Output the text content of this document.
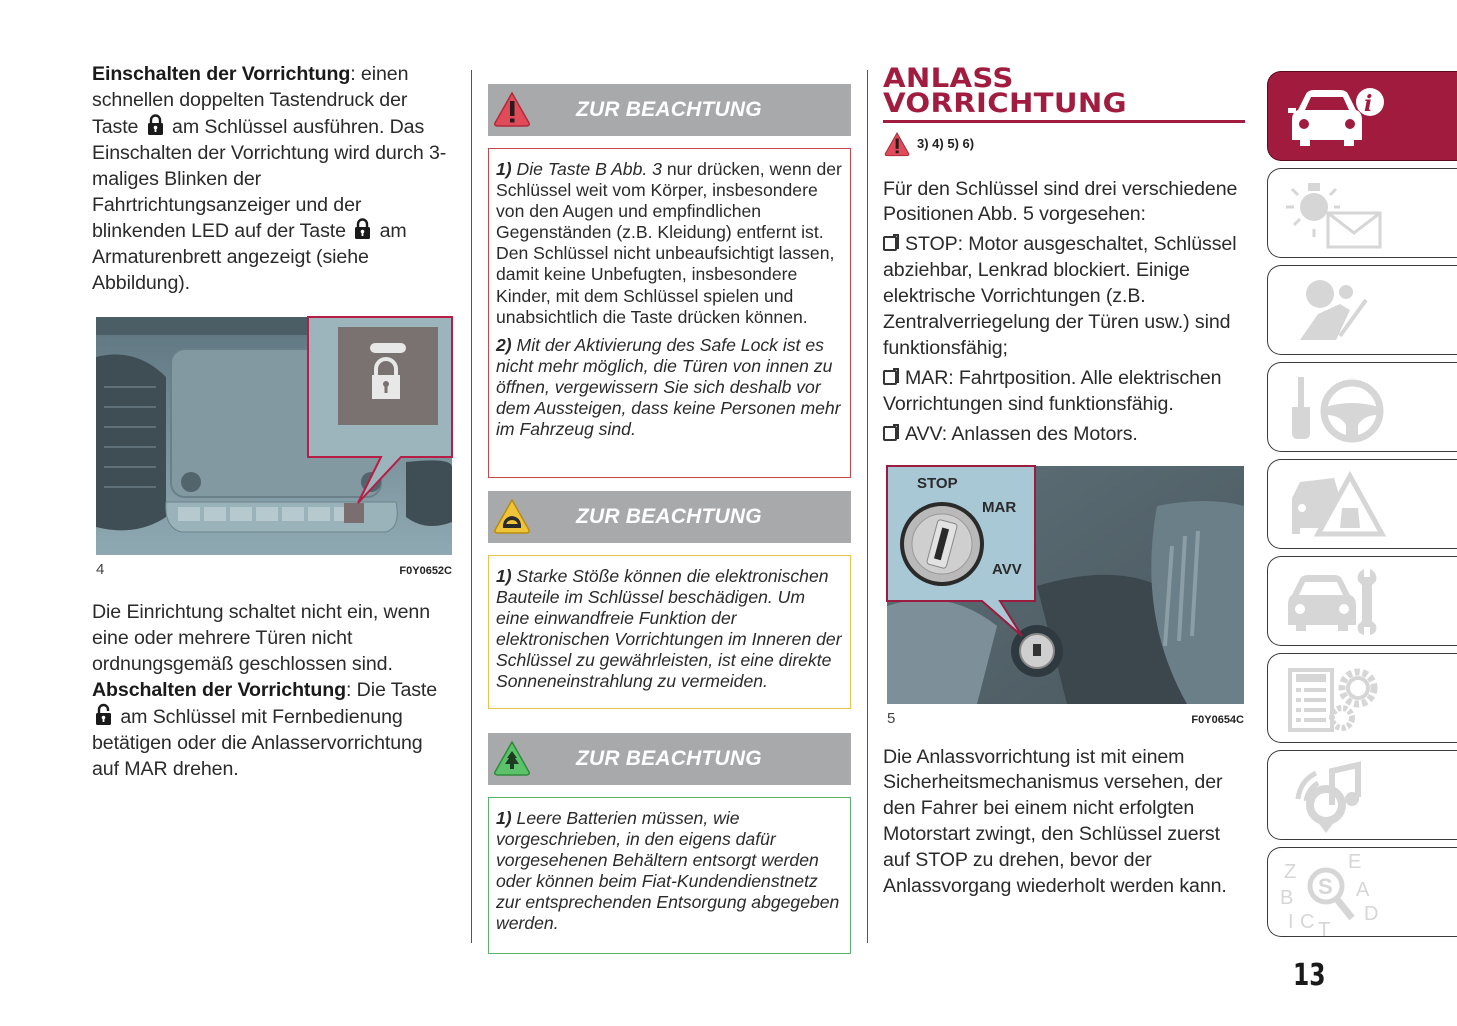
Einschalten der Vorrichtung: einen schnellen doppelten Tastendruck der Taste  am Schlüssel ausführen. Das Einschalten der Vorrichtung wird durch 3-maliges Blinken der Fahrtrichtungsanzeiger und der blinkenden LED auf der Taste  am Armaturenbrett angezeigt (siehe Abbildung).

4	F0Y0652C

Die Einrichtung schaltet nicht ein, wenn eine oder mehrere Türen nicht ordnungsgemäß geschlossen sind.

Abschalten der Vorrichtung: Die Taste  am Schlüssel mit Fernbedienung betätigen oder die Anlasservorrichtung auf MAR drehen.

ZUR BEACHTUNG

1) Die Taste B Abb. 3 nur drücken, wenn der Schlüssel weit vom Körper, insbesondere von den Augen und empfindlichen Gegenständen (z.B. Kleidung) entfernt ist. Den Schlüssel nicht unbeaufsichtigt lassen, damit keine Unbefugten, insbesondere Kinder, mit dem Schlüssel spielen und unabsichtlich die Taste drücken können.

2) Mit der Aktivierung des Safe Lock ist es nicht mehr möglich, die Türen von innen zu öffnen, vergewissern Sie sich deshalb vor dem Aussteigen, dass keine Personen mehr im Fahrzeug sind.

ZUR BEACHTUNG

1) Starke Stöße können die elektronischen Bauteile im Schlüssel beschädigen. Um eine einwandfreie Funktion der elektronischen Vorrichtungen im Inneren der Schlüssel zu gewährleisten, ist eine direkte Sonneneinstrahlung zu vermeiden.

ZUR BEACHTUNG

1) Leere Batterien müssen, wie vorgeschrieben, in den eigens dafür vorgesehenen Behältern entsorgt werden oder können beim Fiat-Kundendienstnetz zur entsprechenden Entsorgung abgegeben werden.

ANLASS
VORRICHTUNG
3) 4) 5) 6)

Für den Schlüssel sind drei verschiedene Positionen Abb. 5 vorgesehen:

STOP: Motor ausgeschaltet, Schlüssel abziehbar, Lenkrad blockiert. Einige elektrische Vorrichtungen (z.B. Zentralverriegelung der Türen usw.) sind funktionsfähig;

MAR: Fahrtposition. Alle elektrischen Vorrichtungen sind funktionsfähig.

AVV: Anlassen des Motors.

STOP
MAR
AVV
5	F0Y0654C

Die Anlassvorrichtung ist mit einem Sicherheitsmechanismus versehen, der den Fahrer bei einem nicht erfolgten Motorstart zwingt, den Schlüssel zuerst auf STOP zu drehen, bevor der Anlassvorgang wiederholt werden kann.

i
Z
B
I C T
E
A
D
S
13
